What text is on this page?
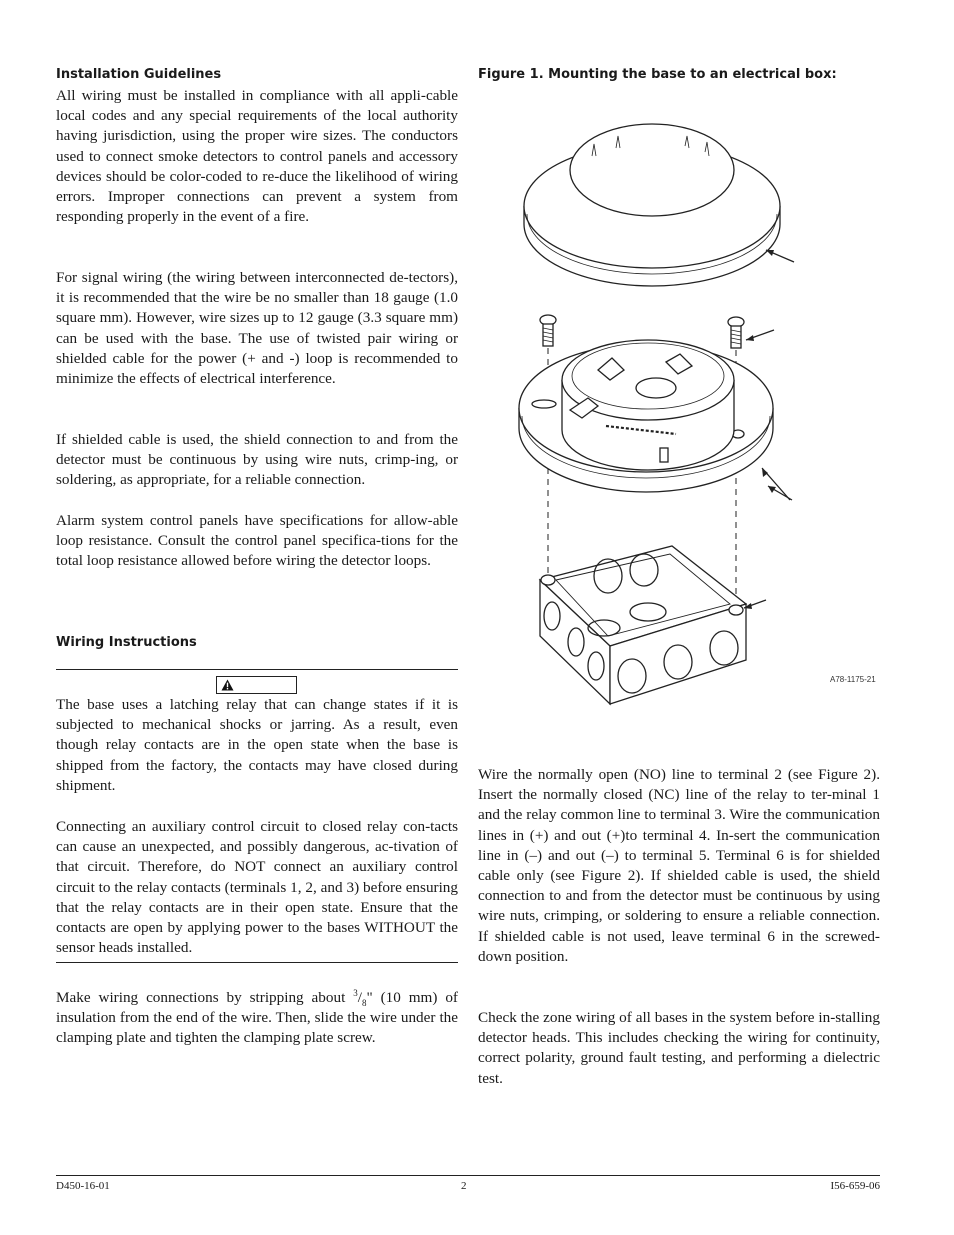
Installation Guidelines
All wiring must be installed in compliance with all appli-cable local codes and any special requirements of the local authority having jurisdiction, using the proper wire sizes. The conductors used to connect smoke detectors to control panels and accessory devices should be color-coded to re-duce the likelihood of wiring errors. Improper connections can prevent a system from responding properly in the event of a fire.
For signal wiring (the wiring between interconnected de-tectors), it is recommended that the wire be no smaller than 18 gauge (1.0 square mm). However, wire sizes up to 12 gauge (3.3 square mm) can be used with the base. The use of twisted pair wiring or shielded cable for the power (+ and -) loop is recommended to minimize the effects of electrical interference.
If shielded cable is used, the shield connection to and from the detector must be continuous by using wire nuts, crimp-ing, or soldering, as appropriate, for a reliable connection.
Alarm system control panels have specifications for allow-able loop resistance. Consult the control panel specifica-tions for the total loop resistance allowed before wiring the detector loops.
Wiring Instructions
The base uses a latching relay that can change states if it is subjected to mechanical shocks or jarring. As a result, even though relay contacts are in the open state when the base is shipped from the factory, the contacts may have closed during shipment.
Connecting an auxiliary control circuit to closed relay con-tacts can cause an unexpected, and possibly dangerous, ac-tivation of that circuit. Therefore, do NOT connect an auxiliary control circuit to the relay contacts (terminals 1, 2, and 3) before ensuring that the relay contacts are in their open state. Ensure that the contacts are open by applying power to the bases WITHOUT the sensor heads installed.
Make wiring connections by stripping about $^3/_8$" (10 mm) of insulation from the end of the wire. Then, slide the wire under the clamping plate and tighten the clamping plate screw.
Figure 1. Mounting the base to an electrical box:
A78-1175-21
Wire the normally open (NO) line to terminal 2 (see Figure 2). Insert the normally closed (NC) line of the relay to ter-minal 1 and the relay common line to terminal 3. Wire the communication lines in (+) and out (+)to terminal 4. In-sert the communication line in (–) and out (–) to terminal 5. Terminal 6 is for shielded cable only (see Figure 2). If shielded cable is used, the shield connection to and from the detector must be continuous by using wire nuts, crimping, or soldering to ensure a reliable connection. If shielded cable is not used, leave terminal 6 in the screwed-down position.
Check the zone wiring of all bases in the system before in-stalling detector heads. This includes checking the wiring for continuity, correct polarity, ground fault testing, and performing a dielectric test.
D450-16-01	2	I56-659-06
